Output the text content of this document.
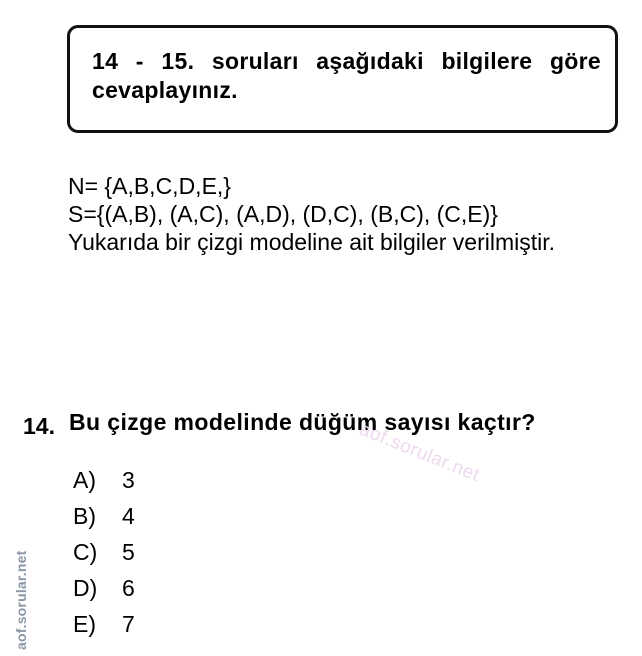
14 - 15. soruları aşağıdaki bilgilere göre cevaplayınız.
N= {A,B,C,D,E,}
S={(A,B), (A,C), (A,D), (D,C), (B,C), (C,E)}
Yukarıda bir çizgi modeline ait bilgiler verilmiştir.
14. Bu çizge modelinde düğüm sayısı kaçtır?
aof.sorular.net
A)	3
B)	4
C)	5
D)	6
E)	7
aof.sorular.net
